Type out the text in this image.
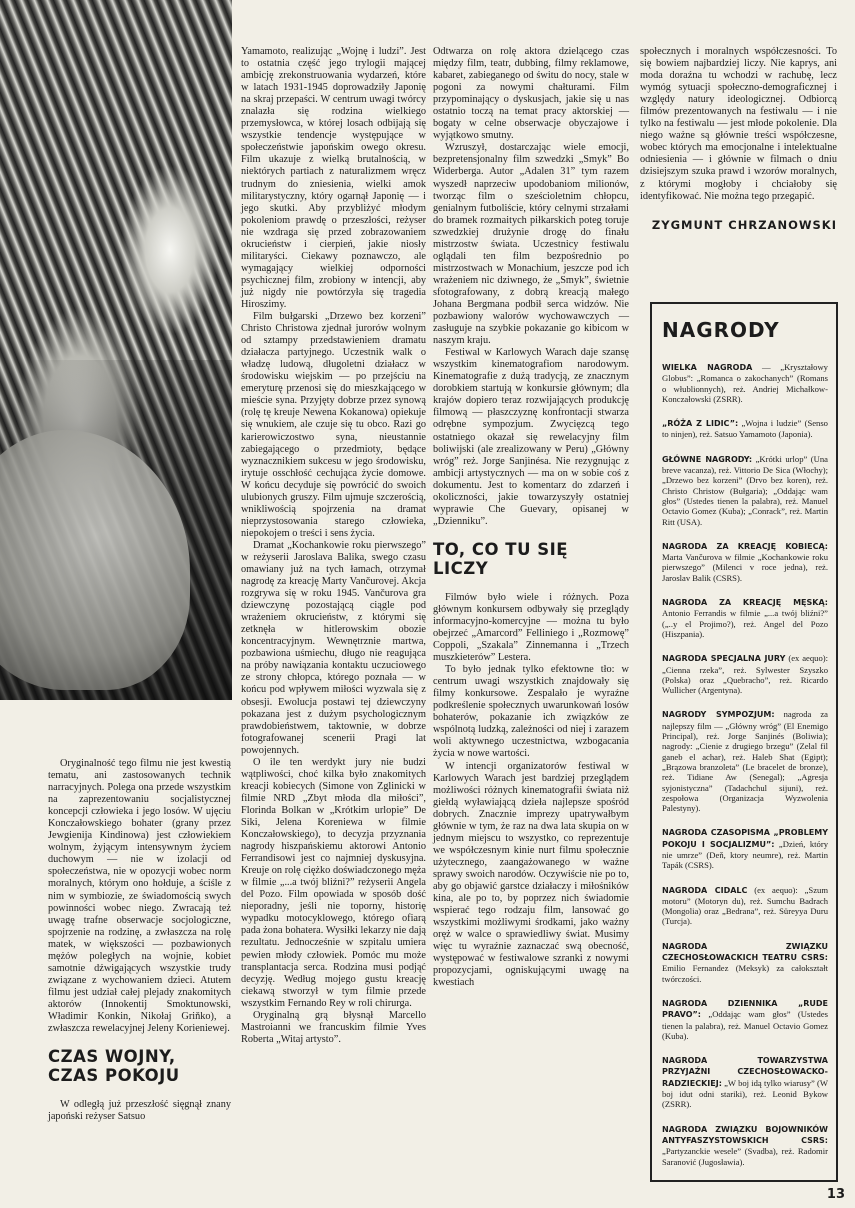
Oryginalność tego filmu nie jest kwestią tematu, ani zastosowanych technik narracyjnych. Polega ona przede wszystkim na zaprezentowaniu socjalistycznej koncepcji człowieka i jego losów. W ujęciu Konczałowskiego bohater (grany przez Jewgienija Kindinowa) jest człowiekiem wolnym, żyjącym intensywnym życiem duchowym — nie w izolacji od społeczeństwa, nie w opozycji wobec norm moralnych, którym ono hołduje, a ściśle z nim w symbiozie, ze świadomością swych powinności wobec niego. Zwracają też uwagę trafne obserwacje socjologiczne, spojrzenie na rodzinę, a zwłaszcza na rolę matek, w większości — pozbawionych mężów poległych na wojnie, kobiet samotnie dźwigających wszystkie trudy związane z wychowaniem dzieci. Atutem filmu jest udział całej plejady znakomitych aktorów (Innokentij Smoktunowski, Władimir Konkin, Nikołaj Griňko), a zwłaszcza rewelacyjnej Jeleny Korieniewej.

CZAS WOJNY, CZAS POKOJU

W odległą już przeszłość sięgnął znany japoński reżyser Satsuo

Yamamoto, realizując „Wojnę i ludzi”. Jest to ostatnia część jego trylogii mającej ambicję zrekonstruowania wydarzeń, które w latach 1931-1945 doprowadziły Japonię na skraj przepaści. W centrum uwagi twórcy znalazła się rodzina wielkiego przemysłowca, w której losach odbijają się wszystkie tendencje występujące w społeczeństwie japońskim owego okresu. Film ukazuje z wielką brutalnością, w niektórych partiach z naturalizmem wręcz trudnym do zniesienia, wielki amok militarystyczny, który ogarnął Japonię — i jego skutki. Aby przybliżyć młodym pokoleniom prawdę o przeszłości, reżyser nie wzdraga się przed zobrazowaniem okrucieństw i cierpień, jakie niosły militaryści. Ciekawy poznawczo, ale wymagający wielkiej odporności psychicznej film, zrobiony w intencji, aby już nigdy nie powtórzyła się tragedia Hiroszimy.

Film bułgarski „Drzewo bez korzeni” Christo Christowa zjednał jurorów wolnym od sztampy przedstawieniem dramatu działacza partyjnego. Uczestnik walk o władzę ludową, długoletni działacz w środowisku wiejskim — po przejściu na emeryturę przenosi się do mieszkającego w mieście syna. Przyjęty dobrze przez synową (rolę tę kreuje Newena Kokanowa) opiekuje się wnukiem, ale czuje się tu obco. Razi go karierowiczostwo syna, nieustannie zabiegającego o przedmioty, będące wyznacznikiem sukcesu w jego środowisku, irytuje osschłość cechująca życie domowe. W końcu decyduje się powrócić do swoich ulubionych gruszy. Film ujmuje szczerością, wnikliwością spojrzenia na dramat nieprzystosowania starego człowieka, niepokojem o treści i sens życia.

Dramat „Kochankowie roku pierwszego” w reżyserii Jaroslava Balika, swego czasu omawiany już na tych łamach, otrzymał nagrodę za kreację Marty Vančurovej. Akcja rozgrywa się w roku 1945. Vančurova gra dziewczynę pozostającą ciągle pod wrażeniem okrucieństw, z którymi się zetknęła w hitlerowskim obozie koncentracyjnym. Wewnętrznie martwa, pozbawiona uśmiechu, długo nie reagująca na próby nawiązania kontaktu uczuciowego ze strony chłopca, którego poznała — w końcu pod wpływem miłości wyzwala się z obsesji. Ewolucja postawi tej dziewczyny pokazana jest z dużym psychologicznym prawdobieństwem, taktownie, w dobrze fotografowanej scenerii Pragi lat powojennych.

O ile ten werdykt jury nie budzi wątpliwości, choć kilka było znakomitych kreacji kobiecych (Simone von Zglinicki w filmie NRD „Zbyt młoda dla miłości”, Florinda Bolkan w „Krótkim urlopie” De Siki, Jelena Koreniewa w filmie Konczałowskiego), to decyzja przyznania nagrody hiszpańskiemu aktorowi Antonio Ferrandisowi jest co najmniej dyskusyjna. Kreuje on rolę ciężko doświadczonego męża w filmie „...a twój bliźni?” reżyserii Angela del Pozo. Film opowiada w sposób dość nieporadny, jeśli nie toporny, historię wypadku motocyklowego, którego ofiarą pada żona bohatera. Wysiłki lekarzy nie dają rezultatu. Jednocześnie w szpitalu umiera pewien młody człowiek. Pomóc mu może transplantacja serca. Rodzina musi podjąć decyzję. Według mojego gustu kreację ciekawą stworzył w tym filmie przede wszystkim Fernando Rey w roli chirurga.

Oryginalną grą błysnął Marcello Mastroianni we francuskim filmie Yves Roberta „Witaj artysto”.

Odtwarza on rolę aktora dzielącego czas między film, teatr, dubbing, filmy reklamowe, kabaret, zabieganego od świtu do nocy, stale w pogoni za nowymi chałturami. Film przypominający o dyskusjach, jakie się u nas ostatnio toczą na temat pracy aktorskiej — bogaty w celne obserwacje obyczajowe i wyjątkowo smutny.

Wzruszył, dostarczając wiele emocji, bezpretensjonalny film szwedzki „Smyk” Bo Widerberga. Autor „Adalen 31” tym razem wyszedł naprzeciw upodobaniom milionów, tworząc film o sześcioletnim chłopcu, genialnym futboliście, który celnymi strzałami do bramek rozmaitych piłkarskich poteg toruje szwedzkiej drużynie drogę do finału mistrzostw świata. Uczestnicy festiwalu oglądali ten film bezpośrednio po mistrzostwach w Monachium, jeszcze pod ich wrażeniem nic dziwnego, że „Smyk”, świetnie sfotografowany, z dobrą kreacją małego Johana Bergmana podbił serca widzów. Nie pozbawiony walorów wychowawczych — zasługuje na szybkie pokazanie go kibicom w naszym kraju.

Festiwal w Karlowych Warach daje szansę wszystkim kinematografiom narodowym. Kinematografie z dużą tradycją, ze znacznym dorobkiem startują w konkursie głównym; dla krajów dopiero teraz rozwijających produkcję filmową — płaszczyznę konfrontacji stwarza odrębne sympozjum. Zwycięzcą tego ostatniego okazał się rewelacyjny film boliwijski (ale zrealizowany w Peru) „Główny wróg” reż. Jorge Sanjinésa. Nie rezygnując z ambicji artystycznych — ma on w sobie coś z dokumentu. Jest to komentarz do zdarzeń i okoliczności, jakie towarzyszyły ostatniej wyprawie Che Guevary, opisanej w „Dzienniku”.

TO, CO TU SIĘ LICZY

Filmów było wiele i różnych. Poza głównym konkursem odbywały się przeglądy informacyjno-komercyjne — można tu było obejrzeć „Amarcord” Felliniego i „Rozmowę” Coppoli, „Szakala” Zinnemanna i „Trzech muszkieterów” Lestera.

To było jednak tylko efektowne tło: w centrum uwagi wszystkich znajdowały się filmy konkursowe. Zespalało je wyraźne podkreślenie społecznych uwarunkowań losów bohaterów, pokazanie ich związków ze wspólnotą ludzką, zależności od niej i zarazem woli aktywnego uczestnictwa, wzbogacania życia w nowe wartości.

W intencji organizatorów festiwal w Karlowych Warach jest bardziej przeglądem możliwości różnych kinematografii świata niż giełdą wyławiającą dzieła najlepsze spośród dobrych. Znacznie imprezy upatrywałbym głównie w tym, że raz na dwa lata skupia on w jednym miejscu to wszystko, co reprezentuje we współczesnym kinie nurt filmu społecznie użytecznego, zaangażowanego w ważne sprawy swoich narodów. Oczywiście nie po to, aby go objawić garstce działaczy i miłośników kina, ale po to, by poprzez nich świadomie wspierać tego rodzaju film, lansować go wszystkimi możliwymi środkami, jako ważny oręż w walce o sprawiedliwy świat. Musimy więc tu wyraźnie zaznaczać swą obecność, występować w festiwalowe szranki z nowymi propozycjami, ogniskującymi uwagę na kwestiach

społecznych i moralnych współczesności. To się bowiem najbardziej liczy. Nie kaprys, ani moda doraźna tu wchodzi w rachubę, lecz wymóg sytuacji społeczno-demograficznej i względy natury ideologicznej. Odbiorcą filmów prezentowanych na festiwalu — i nie tylko na festiwalu — jest młode pokolenie. Dla niego ważne są głównie treści współczesne, wobec których ma emocjonalne i intelektualne odniesienia — i głównie w filmach o dniu dzisiejszym szuka prawd i wzorów moralnych, z którymi mogłoby i chciałoby się identyfikować. Nie można tego przegapić.

ZYGMUNT CHRZANOWSKI
NAGRODY

WIELKA NAGRODA — „Kryształowy Globus”: „Romanca o zakochanych” (Romans o włublionnych), reż. Andriej Michałkow-Konczałowski (ZSRR).

„RÓŻA Z LIDIC”: „Wojna i ludzie” (Senso to ninjen), reż. Satsuo Yamamoto (Japonia).

GŁÓWNE NAGRODY: „Krótki urlop” (Una breve vacanza), reż. Vittorio De Sica (Włochy); „Drzewo bez korzeni” (Drvo bez koren), reż. Christo Christow (Bułgaria); „Oddając wam głos” (Ustedes tienen la palabra), reż. Manuel Octavio Gomez (Kuba); „Conrack”, reż. Martin Ritt (USA).

NAGRODA ZA KREACJĘ KOBIECĄ: Marta Vančurova w filmie „Kochankowie roku pierwszego” (Milenci v roce jedna), reż. Jaroslav Balik (CSRS).

NAGRODA ZA KREACJĘ MĘSKĄ: Antonio Ferrandis w filmie „...a twój bliźni?” („..y el Projimo?), reż. Angel del Pozo (Hiszpania).

NAGRODA SPECJALNA JURY (ex aequo): „Cienna rzeka”, reż. Sylwester Szyszko (Polska) oraz „Quebracho”, reż. Ricardo Wullicher (Argentyna).

NAGRODY SYMPOZJUM: nagroda za najlepszy film — „Główny wróg” (El Enemigo Principal), reż. Jorge Sanjinés (Boliwia); nagrody: „Cienie z drugiego brzegu” (Zelal fil ganeb el achar), reż. Haleb Shat (Egipt); „Brązowa branzoleta” (Le bracelet de bronze), reż. Tidiane Aw (Senegal); „Agresja syjonistyczna” (Tadachchul sijuni), reż. zespołowa (Organizacja Wyzwolenia Palestyny).

NAGRODA CZASOPISMA „PROBLEMY POKOJU I SOCJALIZMU”: „Dzień, który nie umrze” (Deň, ktory neumre), reż. Martin Tapák (CSRS).

NAGRODA CIDALC (ex aequo): „Szum motoru” (Motoryn du), reż. Sumchu Badrach (Mongolia) oraz „Bedrana”, reż. Süreyya Duru (Turcja).

NAGRODA ZWIĄZKU CZECHOSŁOWACKICH TEATRU CSRS: Emilio Fernandez (Meksyk) za całokształt twórczości.

NAGRODA DZIENNIKA „RUDE PRAVO”: „Oddając wam głos” (Ustedes tienen la palabra), reż. Manuel Octavio Gomez (Kuba).

NAGRODA TOWARZYSTWA PRZYJAŹNI CZECHOSŁOWACKO-RADZIECKIEJ: „W boj idą tylko wiarusy” (W boj idut odni stariki), reż. Leonid Bykow (ZSRR).

NAGRODA ZWIĄZKU BOJOWNIKÓW ANTYFASZYSTOWSKICH CSRS: „Partyzanckie wesele” (Svadba), reż. Radomir Saranović (Jugosławia).

13
